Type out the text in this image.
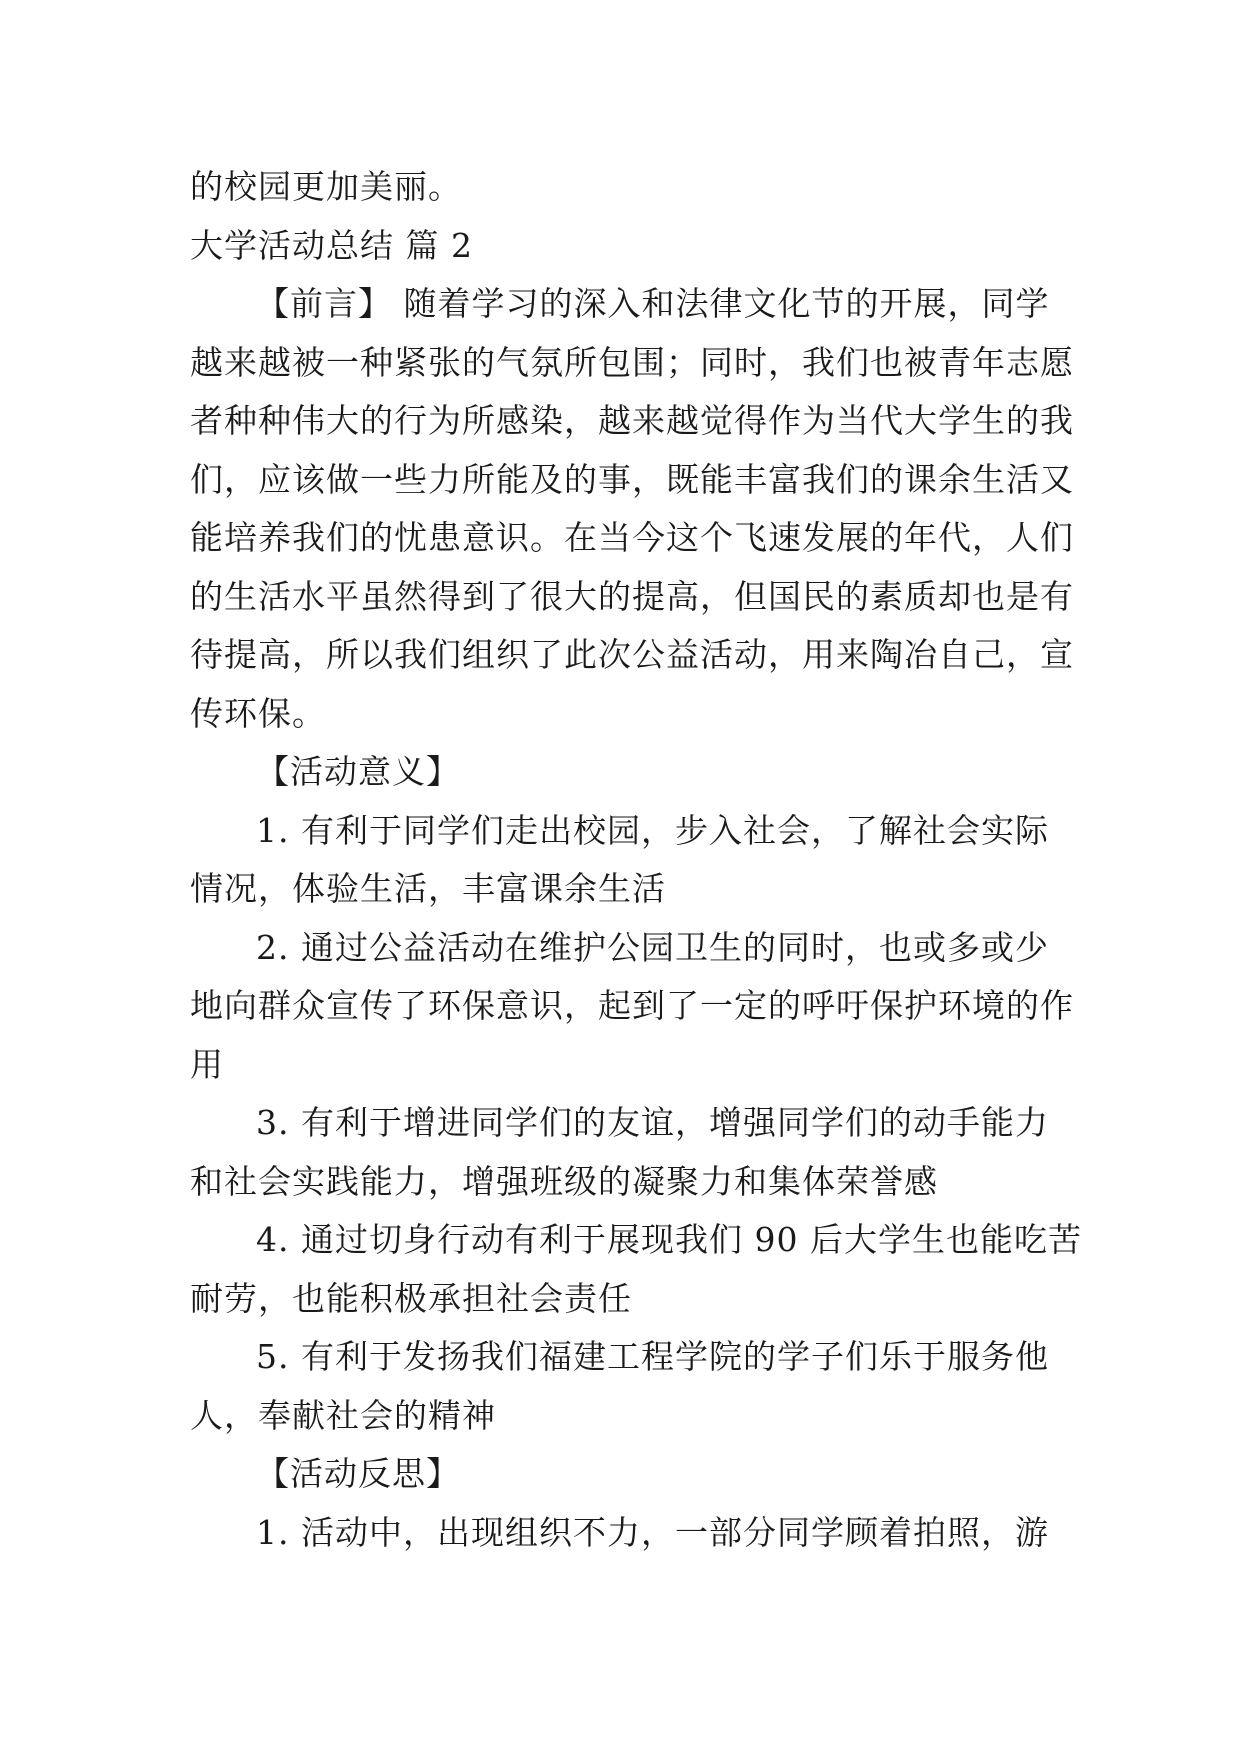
的校园更加美丽。
大学活动总结 篇 2
【前言】 随着学习的深入和法律文化节的开展，同学
越来越被一种紧张的气氛所包围；同时，我们也被青年志愿
者种种伟大的行为所感染，越来越觉得作为当代大学生的我
们，应该做一些力所能及的事，既能丰富我们的课余生活又
能培养我们的忧患意识。在当今这个飞速发展的年代，人们
的生活水平虽然得到了很大的提高，但国民的素质却也是有
待提高，所以我们组织了此次公益活动，用来陶冶自己，宣
传环保。
【活动意义】
1. 有利于同学们走出校园，步入社会，了解社会实际
情况，体验生活，丰富课余生活
2. 通过公益活动在维护公园卫生的同时，也或多或少
地向群众宣传了环保意识，起到了一定的呼吁保护环境的作
用
3. 有利于增进同学们的友谊，增强同学们的动手能力
和社会实践能力，增强班级的凝聚力和集体荣誉感
4. 通过切身行动有利于展现我们 90 后大学生也能吃苦
耐劳，也能积极承担社会责任
5. 有利于发扬我们福建工程学院的学子们乐于服务他
人，奉献社会的精神
【活动反思】
1. 活动中，出现组织不力，一部分同学顾着拍照，游
